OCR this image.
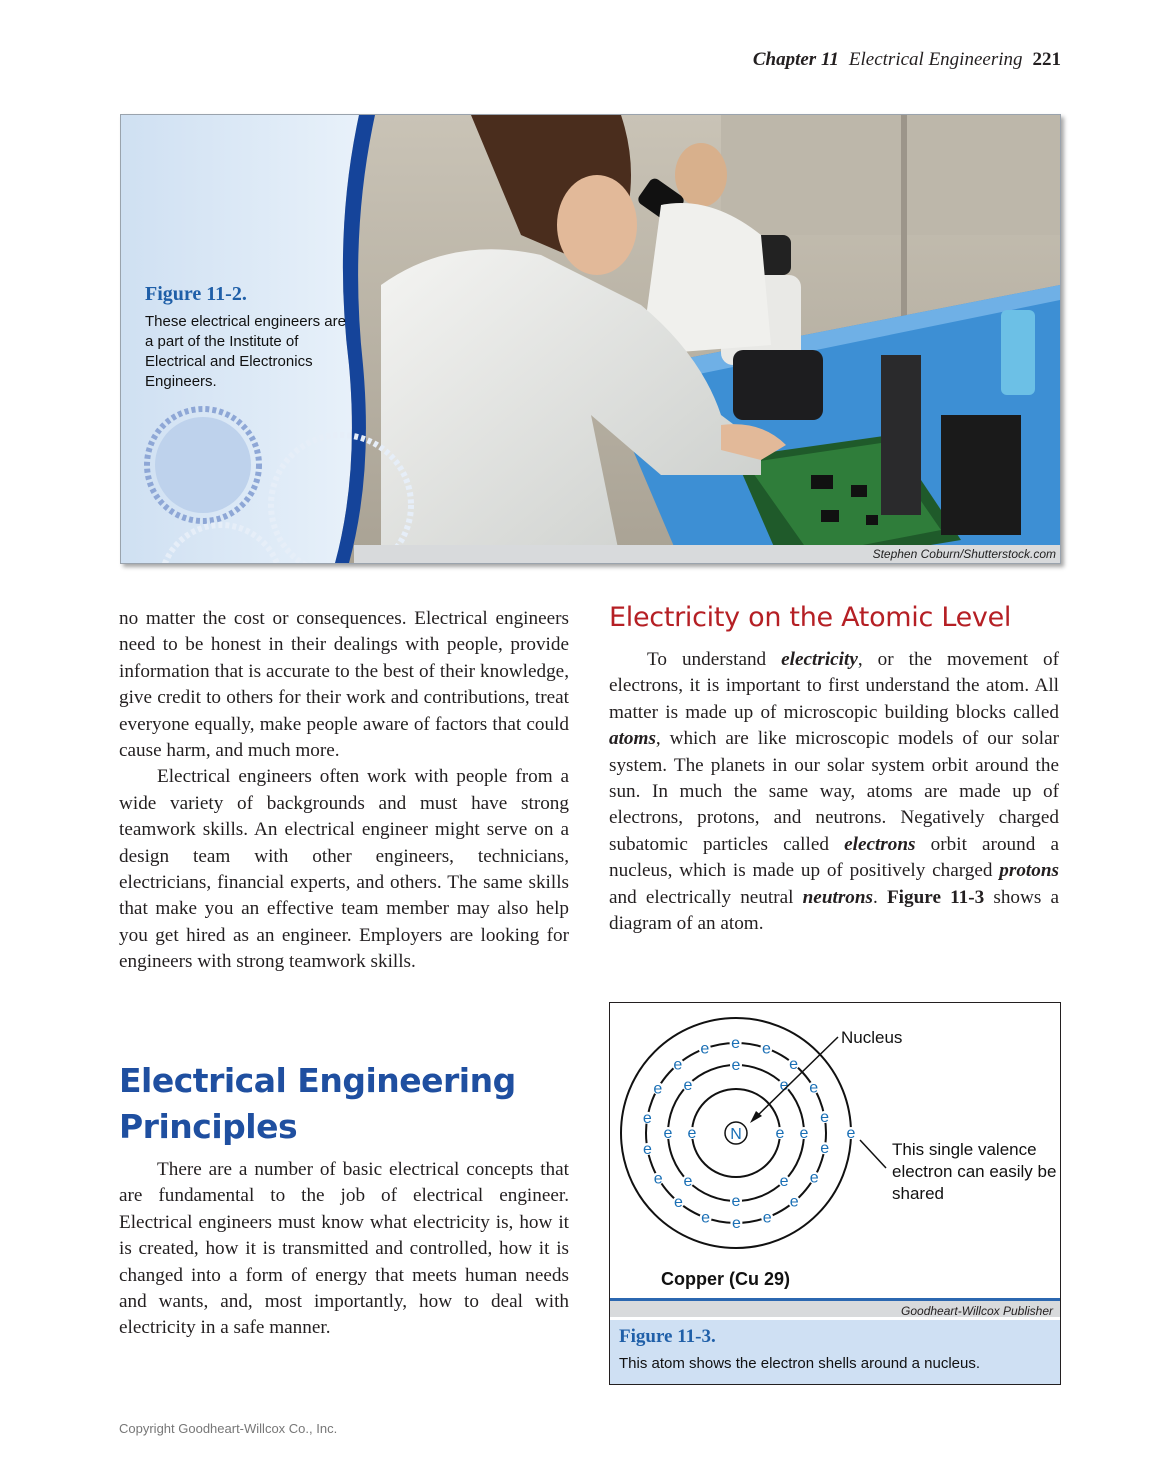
Chapter 11 Electrical Engineering 221
Figure 11-2.
These electrical engineers are a part of the Institute of Electrical and Electronics Engineers.
Stephen Coburn/Shutterstock.com

no matter the cost or consequences. Electrical engineers need to be honest in their dealings with people, provide information that is accurate to the best of their knowledge, give credit to others for their work and contributions, treat everyone equally, make people aware of factors that could cause harm, and much more.

Electrical engineers often work with people from a wide variety of backgrounds and must have strong teamwork skills. An electrical engineer might serve on a design team with other engineers, technicians, electricians, financial experts, and others. The same skills that make you an effective team member may also help you get hired as an engineer. Employers are looking for engineers with strong teamwork skills.

Electrical Engineering Principles

There are a number of basic electrical concepts that are fundamental to the job of electrical engineer. Electrical engineers must know what electricity is, how it is created, how it is transmitted and controlled, how it is changed into a form of energy that meets human needs and wants, and, most importantly, how to deal with electricity in a safe manner.

Electricity on the Atomic Level

To understand electricity, or the movement of electrons, it is important to first understand the atom. All matter is made up of microscopic building blocks called atoms, which are like microscopic models of our solar system. The planets in our solar system orbit around the sun. In much the same way, atoms are made up of electrons, protons, and neutrons. Negatively charged subatomic particles called electrons orbit around a nucleus, which is made up of positively charged protons and electrically neutral neutrons. Figure 11-3 shows a diagram of an atom.

N e
e	e
e
e
e
e
e
e
e
e
e
e
e
e
e
e
e
e
e
e
e
e e e
e
e
e
e
Nucleus
This single valence electron can easily be shared
Copper (Cu 29)
Goodheart-Willcox Publisher
Figure 11-3.
This atom shows the electron shells around a nucleus.
Copyright Goodheart-Willcox Co., Inc.
